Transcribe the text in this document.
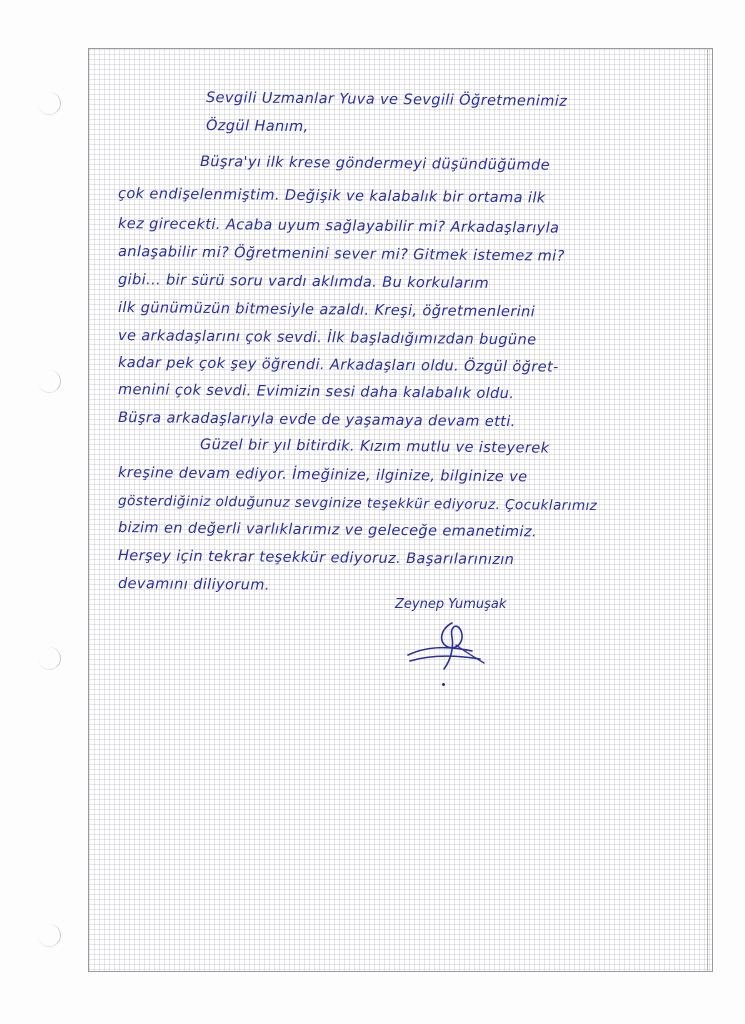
Sevgili Uzmanlar Yuva ve Sevgili Öğretmenimiz
Özgül Hanım,
Büşra'yı ilk krese göndermeyi düşündüğümde
çok endişelenmiştim. Değişik ve kalabalık bir ortama ilk
kez girecekti. Acaba uyum sağlayabilir mi? Arkadaşlarıyla
anlaşabilir mi? Öğretmenini sever mi? Gitmek istemez mi?
gibi... bir sürü soru vardı aklımda. Bu korkularım
ilk günümüzün bitmesiyle azaldı. Kreşi, öğretmenlerini
ve arkadaşlarını çok sevdi. İlk başladığımızdan bugüne
kadar pek çok şey öğrendi. Arkadaşları oldu. Özgül öğret-
menini çok sevdi. Evimizin sesi daha kalabalık oldu.
Büşra arkadaşlarıyla evde de yaşamaya devam etti.
Güzel bir yıl bitirdik. Kızım mutlu ve isteyerek
kreşine devam ediyor. İmeğinize, ilginize, bilginize ve
gösterdiğiniz olduğunuz sevginize teşekkür ediyoruz. Çocuklarımız
bizim en değerli varlıklarımız ve geleceğe emanetimiz.
Herşey için tekrar teşekkür ediyoruz. Başarılarınızın
devamını diliyorum.
Zeynep Yumuşak
